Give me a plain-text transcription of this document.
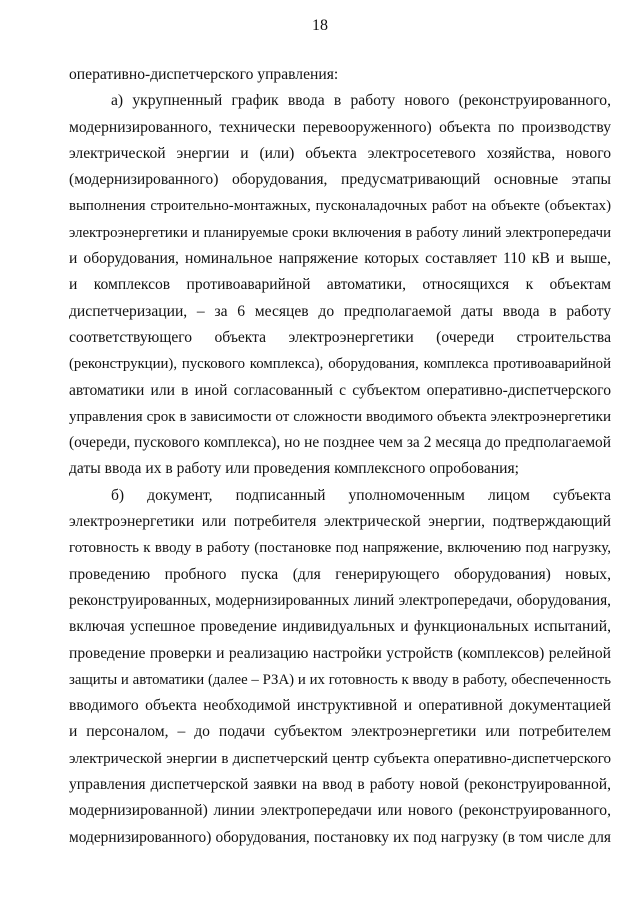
18
оперативно-диспетчерского управления:
а) укрупненный график ввода в работу нового (реконструированного,
модернизированного, технически перевооруженного) объекта по производству
электрической энергии и (или) объекта электросетевого хозяйства, нового
(модернизированного) оборудования, предусматривающий основные этапы
выполнения строительно-монтажных, пусконаладочных работ на объекте (объектах)
электроэнергетики и планируемые сроки включения в работу линий электропередачи
и оборудования, номинальное напряжение которых составляет 110 кВ и выше,
и комплексов противоаварийной автоматики, относящихся к объектам
диспетчеризации, – за 6 месяцев до предполагаемой даты ввода в работу
соответствующего объекта электроэнергетики (очереди строительства
(реконструкции), пускового комплекса), оборудования, комплекса противоаварийной
автоматики или в иной согласованный с субъектом оперативно-диспетчерского
управления срок в зависимости от сложности вводимого объекта электроэнергетики
(очереди, пускового комплекса), но не позднее чем за 2 месяца до предполагаемой
даты ввода их в работу или проведения комплексного опробования;
б) документ, подписанный уполномоченным лицом субъекта
электроэнергетики или потребителя электрической энергии, подтверждающий
готовность к вводу в работу (постановке под напряжение, включению под нагрузку,
проведению пробного пуска (для генерирующего оборудования) новых,
реконструированных, модернизированных линий электропередачи, оборудования,
включая успешное проведение индивидуальных и функциональных испытаний,
проведение проверки и реализацию настройки устройств (комплексов) релейной
защиты и автоматики (далее – РЗА) и их готовность к вводу в работу, обеспеченность
вводимого объекта необходимой инструктивной и оперативной документацией
и персоналом, – до подачи субъектом электроэнергетики или потребителем
электрической энергии в диспетчерский центр субъекта оперативно-диспетчерского
управления диспетчерской заявки на ввод в работу новой (реконструированной,
модернизированной) линии электропередачи или нового (реконструированного,
модернизированного) оборудования, постановку их под нагрузку (в том числе для
